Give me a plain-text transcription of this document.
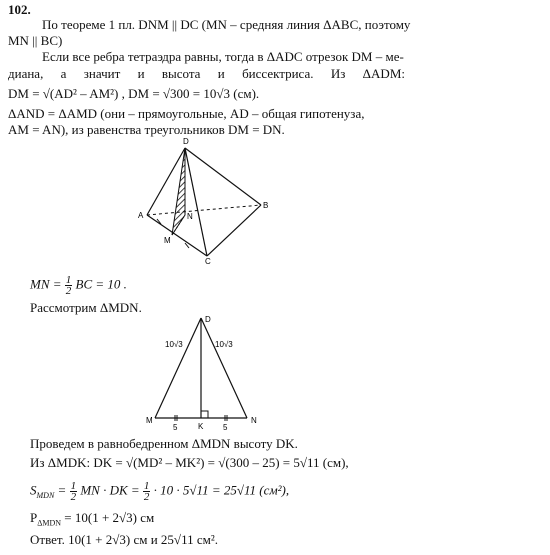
102.
По теореме 1 пл. DNM || DC (MN – средняя линия ΔABC, поэтому
MN || BC)
Если все ребра тетраэдра равны, тогда в ΔADC отрезок DM – ме-
диана, а значит и высота и биссектриса. Из ΔADM:
DM = √(AD² – AM²) , DM = √300 = 10√3 (см).
ΔAND = ΔAMD (они – прямоугольные, AD – общая гипотенуза,
AM = AN), из равенства треугольников DM = DN.
D
A
B
C
M
N
MN = $\frac{1}{2}$ BC = 10 .
Рассмотрим ΔMDN.
D
M	N
K
10√3	10√3
5	5
Проведем в равнобедренном ΔMDN высоту DK.
Из ΔMDK: DK = √(MD² – MK²) = √(300 – 25) = 5√11 (см),
$S_{MDN} = \frac{1}{2}$ MN · DK = $\frac{1}{2} \cdot 10 \cdot 5√11 = 25√11$ (см²),
$P_{\Delta MDN} = 10(1 + 2√3)$ см
Ответ. 10(1 + 2√3) см и 25√11 см².
